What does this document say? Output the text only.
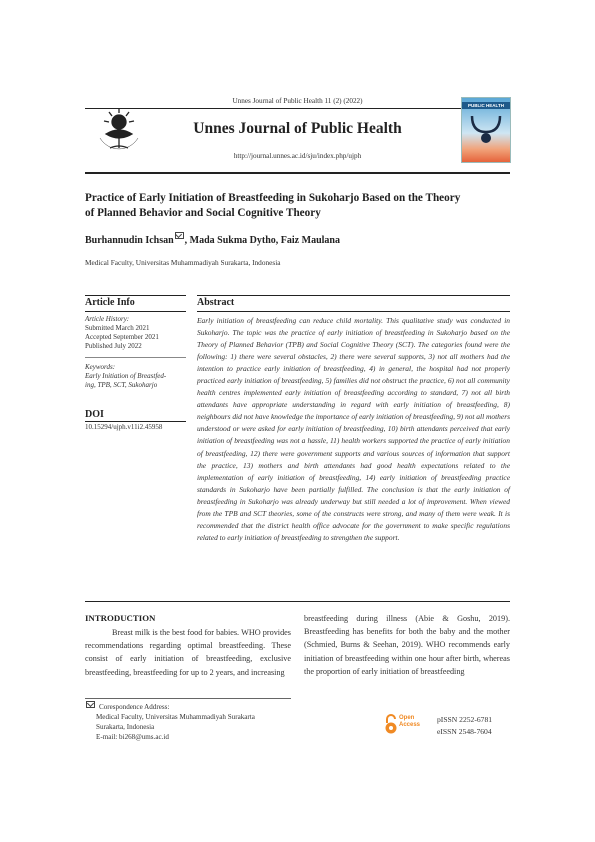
Unnes Journal of Public Health 11 (2) (2022)
Unnes Journal of Public Health
http://journal.unnes.ac.id/sju/index.php/ujph
PUBLIC HEALTH
Practice of Early Initiation of Breastfeeding in Sukoharjo Based on the Theory
of Planned Behavior and Social Cognitive Theory
Burhannudin Ichsan , Mada Sukma Dytho, Faiz Maulana
Medical Faculty, Universitas Muhammadiyah Surakarta, Indonesia
Article Info
Article History:
Submitted March 2021
Accepted September 2021
Published July 2022
Keywords:
Early Initiation of Breastfed-
ing, TPB, SCT, Sukoharjo
DOI
10.15294/ujph.v11i2.45958
Abstract

Early initiation of breastfeeding can reduce child mortality. This qualitative study was conducted in Sukoharjo. The topic was the practice of early initiation of breastfeeding in Sukoharjo based on the Theory of Planned Behavior (TPB) and Social Cognitive Theory (SCT). The categories found were the following: 1) there were several obstacles, 2) there were several supports, 3) not all mothers had the intention to practice early initiation of breastfeeding, 4) in general, the hospital had not properly practiced early initiation of breastfeeding, 5) families did not obstruct the practice, 6) not all community health centres implemented early initiation of breastfeeding according to standard, 7) not all birth attendants have appropriate understanding in regard with early initiation of breastfeeding, 8) neighbours did not have knowledge the importance of early initiation of breastfeeding, 9) not all mothers understood or were asked for early initiation of breastfeeding, 10) birth attendants perceived that early initiation of breastfeeding was not a hassle, 11) health workers supported the practice of early initiation of breastfeeding, 12) there were government supports and various sources of information that support the practice, 13) mothers and birth attendants had good health expectations related to the implementation of early initiation of breastfeeding, 14) early initiation of breastfeeding practice standards in Sukoharjo have been partially fulfilled. The conclusion is that the early initiation of breastfeeding in Sukoharjo was already underway but still needed a lot of improvement. When viewed from the TPB and SCT theories, some of the constructs were strong, and many of them were weak. It is recommended that the district health office advocate for the government to make specific regulations related to early initiation of breastfeeding to strengthen the support.

INTRODUCTION

Breast milk is the best food for babies. WHO provides recommendations regarding optimal breastfeeding. These consist of early initiation of breastfeeding, exclusive breastfeeding, breastfeeding for up to 2 years, and increasing

breastfeeding during illness (Abie & Goshu, 2019). Breastfeeding has benefits for both the baby and the mother (Schmied, Burns & Seehan, 2019). WHO recommends early initiation of breastfeeding within one hour after birth, whereas the proportion of early initiation of breastfeeding

Corespondence Address:
Medical Faculty, Universitas Muhammadiyah Surakarta
Surakarta, Indonesia
E-mail: bi268@ums.ac.id
Open
Access
pISSN 2252-6781
eISSN 2548-7604
